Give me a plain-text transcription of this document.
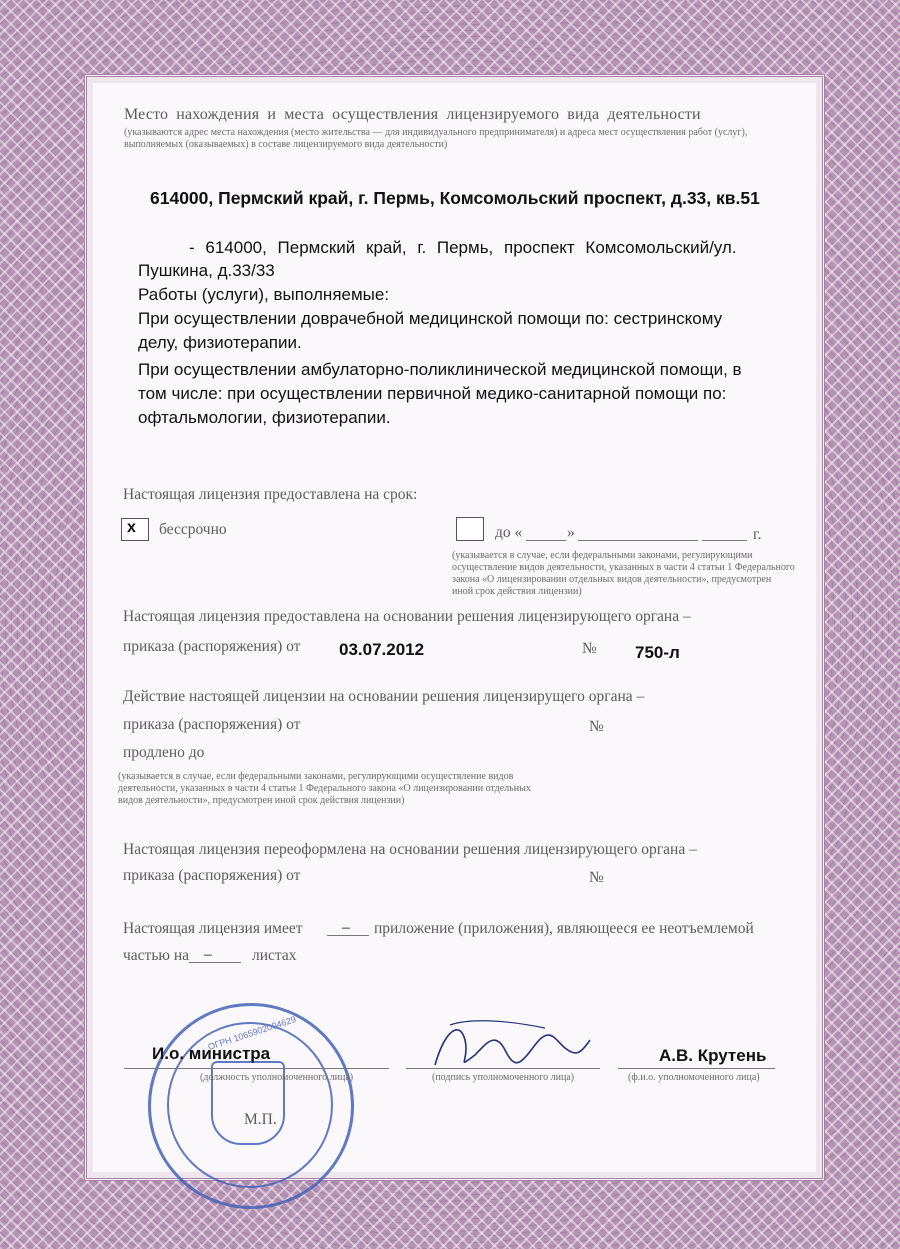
Место нахождения и места осуществления лицензируемого вида деятельности
(указываются адрес места нахождения (место жительства — для индивидуального предпринимателя) и адреса мест осуществления работ (услуг),
выполняемых (оказываемых) в составе лицензируемого вида деятельности)
614000, Пермский край, г. Пермь, Комсомольский проспект, д.33, кв.51
- 614000, Пермский край, г. Пермь, проспект Комсомольский/ул.
Пушкина, д.33/33
Работы (услуги), выполняемые:
При осуществлении доврачебной медицинской помощи по: сестринскому
делу, физиотерапии.
При осуществлении амбулаторно-поликлинической медицинской помощи, в
том числе: при осуществлении первичной медико-санитарной помощи по:
офтальмологии, физиотерапии.
Настоящая лицензия предоставлена на срок:
x бессрочно	до «	»	г.
(указывается в случае, если федеральными законами, регулирующими
осуществление видов деятельности, указанных в части 4 статьи 1 Федерального
закона «О лицензировании отдельных видов деятельности», предусмотрен
иной срок действия лицензии)
Настоящая лицензия предоставлена на основании решения лицензирующего органа –
приказа (распоряжения) от 03.07.2012	№ 750-л
Действие настоящей лицензии на основании решения лицензирущего органа –
приказа (распоряжения) от	№
продлено до
(указывается в случае, если федеральными законами, регулирующими осуществление видов
деятельности, указанных в части 4 статьи 1 Федерального закона «О лицензировании отдельных
видов деятельности», предусмотрен иной срок действия лицензии)
Настоящая лицензия переоформлена на основании решения лицензирующего органа –
приказа (распоряжения) от	№
Настоящая лицензия имеет	– приложение (приложения), являющееся ее неотъемлемой
частью на –	листах
ОГРН 1065902004629
И.о. министра
(должность уполномоченного лица)	(подпись уполномоченного лица)
А.В. Крутень
(ф.и.о. уполномоченного лица)
М.П.
